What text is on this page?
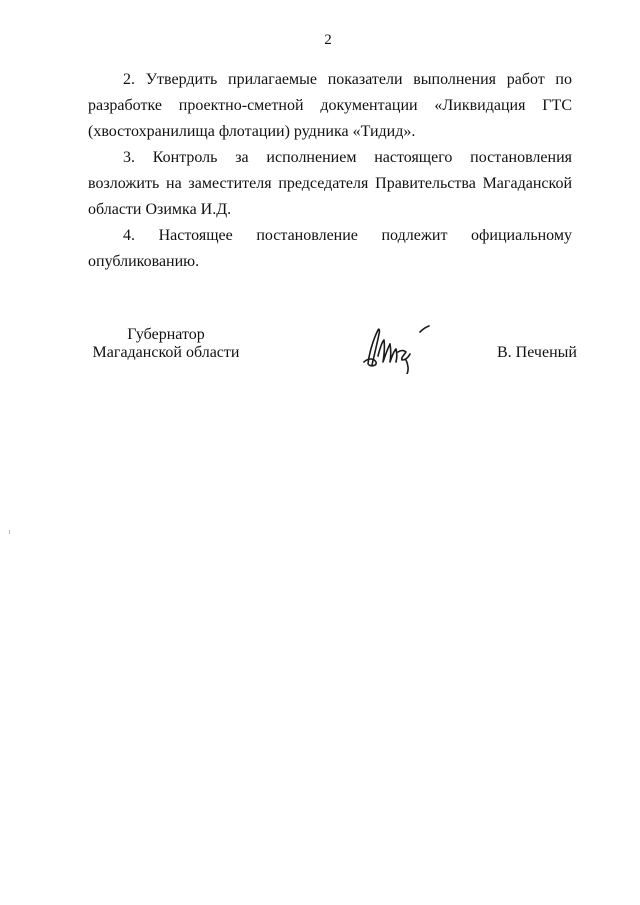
2

2. Утвердить прилагаемые показатели выполнения работ по разработке проектно-сметной документации «Ликвидация ГТС (хвостохранилища флотации) рудника «Тидид».

3. Контроль за исполнением настоящего постановления возложить на заместителя председателя Правительства Магаданской области Озимка И.Д.

4. Настоящее постановление подлежит официальному опубликованию.

Губернатор
Магаданской области	В. Печеный
